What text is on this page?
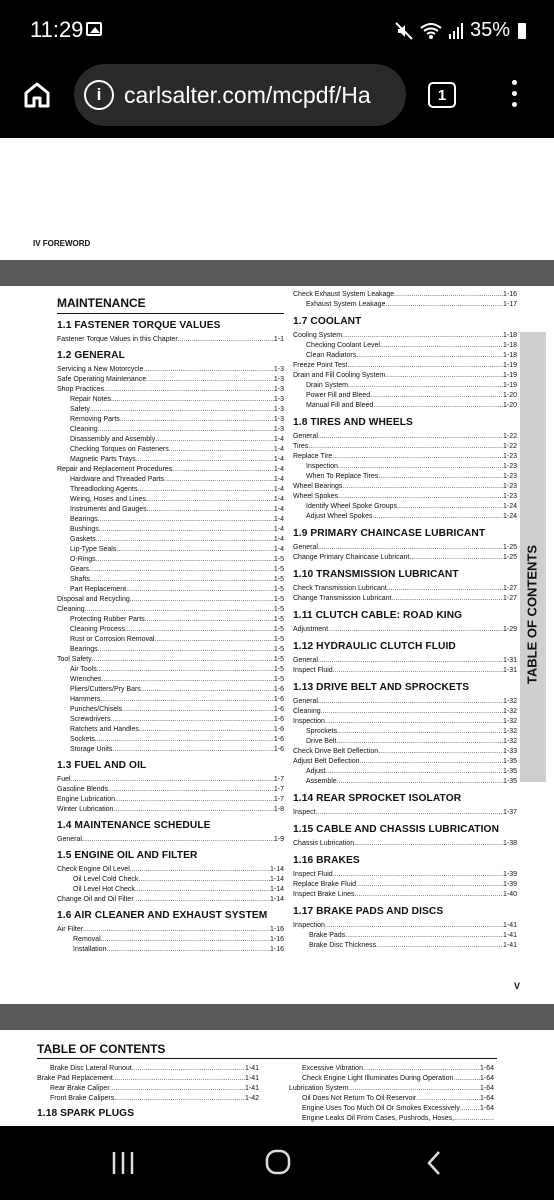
11:29	35%
i carlsalter.com/mcpdf/Ha	1
IV FOREWORD
MAINTENANCE
1.1 FASTENER TORQUE VALUES
Fastener Torque Values in this Chapter .....	1-1
1.2 GENERAL
Servicing a New Motorcycle .....	1-3
Safe Operating Maintenance .....	1-3
Shop Practices .....	1-3
Repair Notes .....	1-3
Safety .....	1-3
Removing Parts .....	1-3
Cleaning .....	1-3
Disassembly and Assembly .....	1-4
Checking Torques on Fasteners .....	1-4
Magnetic Parts Trays .....	1-4
Repair and Replacement Procedures .....	1-4
Hardware and Threaded Parts .....	1-4
Threadlocking Agents .....	1-4
Wiring, Hoses and Lines .....	1-4
Instruments and Gauges .....	1-4
Bearings .....	1-4
Bushings .....	1-4
Gaskets .....	1-4
Lip-Type Seals .....	1-4
O-Rings .....	1-5
Gears .....	1-5
Shafts .....	1-5
Part Replacement .....	1-5
Disposal and Recycling .....	1-5
Cleaning .....	1-5
Protecting Rubber Parts .....	1-5
Cleaning Process .....	1-5
Rust or Corrosion Removal .....	1-5
Bearings .....	1-5
Tool Safety .....	1-5
Air Tools .....	1-5
Wrenches .....	1-5
Pliers/Cutters/Pry Bars .....	1-6
Hammers .....	1-6
Punches/Chisels .....	1-6
Screwdrivers .....	1-6
Ratchets and Handles .....	1-6
Sockets .....	1-6
Storage Units .....	1-6
1.3 FUEL AND OIL
Fuel .....	1-7
Gasoline Blends .....	1-7
Engine Lubrication .....	1-7
Winter Lubrication .....	1-8
1.4 MAINTENANCE SCHEDULE
General .....	1-9
1.5 ENGINE OIL AND FILTER
Check Engine Oil Level .....	1-14
Oil Level Cold Check .....	1-14
Oil Level Hot Check .....	1-14
Change Oil and Oil Filter .....	1-14
1.6 AIR CLEANER AND EXHAUST SYSTEM
Air Filter .....	1-16
Removal .....	1-16
Installation .....	1-16
Check Exhaust System Leakage .....	1-16
Exhaust System Leakage .....	1-17
1.7 COOLANT
Cooling System .....	1-18
Checking Coolant Level .....	1-18
Clean Radiators .....	1-18
Freeze Point Test .....	1-19
Drain and Fill Cooling System .....	1-19
Drain System .....	1-19
Power Fill and Bleed .....	1-20
Manual Fill and Bleed .....	1-20
1.8 TIRES AND WHEELS
General .....	1-22
Tires .....	1-22
Replace Tire .....	1-23
Inspection .....	1-23
When To Replace Tires .....	1-23
Wheel Bearings .....	1-23
Wheel Spokes .....	1-23
Identify Wheel Spoke Groups .....	1-24
Adjust Wheel Spokes .....	1-24
1.9 PRIMARY CHAINCASE LUBRICANT
General .....	1-25
Change Primary Chaincase Lubricant .....	1-25
1.10 TRANSMISSION LUBRICANT
Check Transmission Lubricant .....	1-27
Change Transmission Lubricant .....	1-27
1.11 CLUTCH CABLE: ROAD KING
Adjustment .....	1-29
1.12 HYDRAULIC CLUTCH FLUID
General .....	1-31
Inspect Fluid .....	1-31
1.13 DRIVE BELT AND SPROCKETS
General .....	1-32
Cleaning .....	1-32
Inspection .....	1-32
Sprockets .....	1-32
Drive Belt .....	1-32
Check Drive Belt Deflection .....	1-33
Adjust Belt Deflection .....	1-35
Adjust .....	1-35
Assemble .....	1-35
1.14 REAR SPROCKET ISOLATOR
Inspect .....	1-37
1.15 CABLE AND CHASSIS LUBRICATION
Chassis Lubrication .....	1-38
1.16 BRAKES
Inspect Fluid .....	1-39
Replace Brake Fluid .....	1-39
Inspect Brake Lines .....	1-40
1.17 BRAKE PADS AND DISCS
Inspection .....	1-41
Brake Pads .....	1-41
Brake Disc Thickness .....	1-41
TABLE OF CONTENTS
V
TABLE OF CONTENTS
Brake Disc Lateral Runout .....	1-41
Brake Pad Replacement .....	1-41
Rear Brake Caliper .....	1-41
Front Brake Calipers .....	1-42
1.18 SPARK PLUGS
Excessive Vibration .....	1-64
Check Engine Light Illuminates During Operation .....	1-64
Lubrication System .....	1-64
Oil Does Not Return To Oil Reservoir .....	1-64
Engine Uses Too Much Oil Or Smokes Excessively .....	1-64
Engine Leaks Oil From Cases, Pushrods, Hoses,
.....
